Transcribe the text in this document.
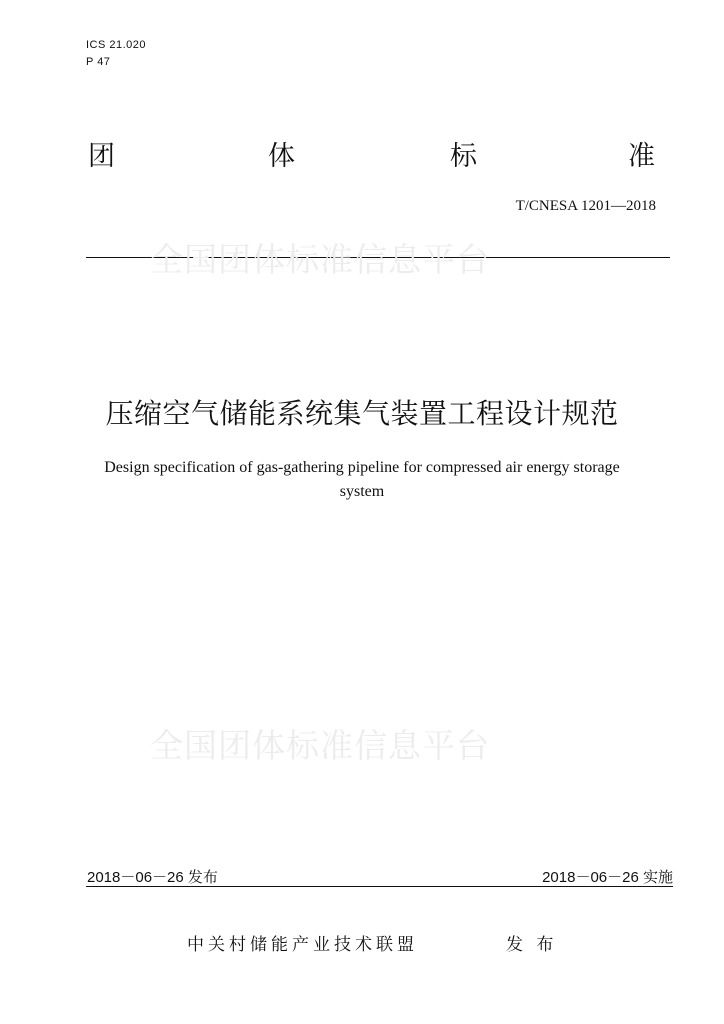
ICS 21.020
P 47
团	体	标	准
T/CNESA 1201—2018
全国团体标准信息平台
压缩空气储能系统集气装置工程设计规范
Design specification of gas-gathering pipeline for compressed air energy storage system
全国团体标准信息平台
2018－06－26 发布	2018－06－26 实施
中关村储能产业技术联盟	发 布
